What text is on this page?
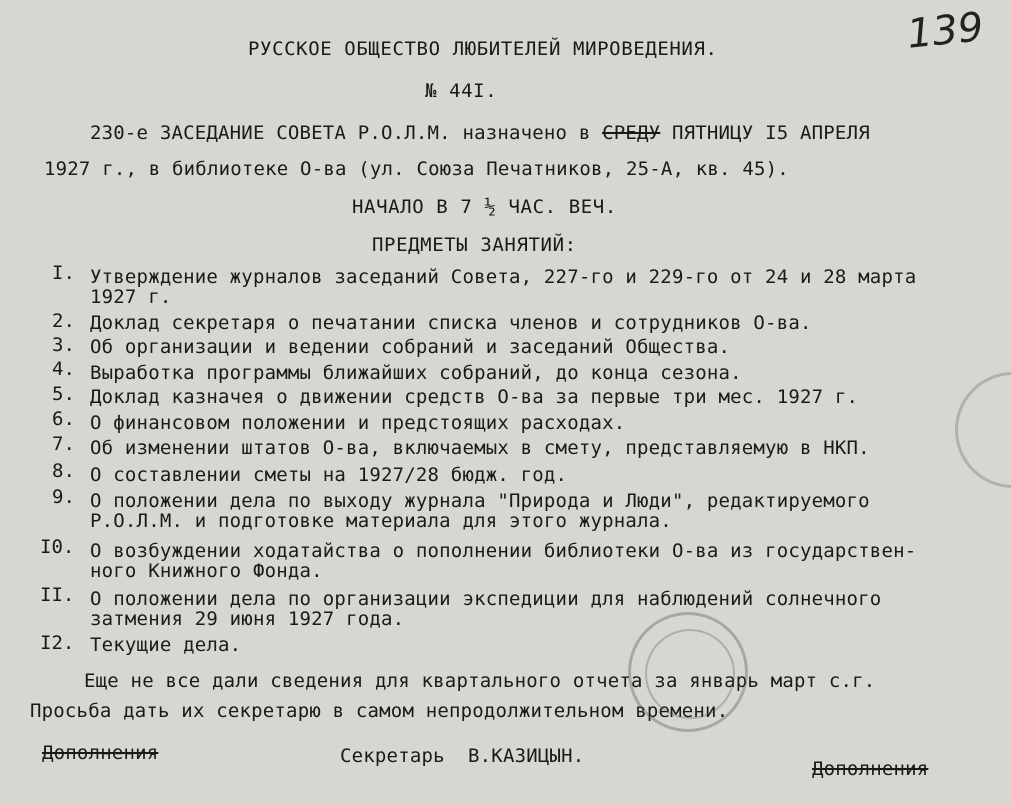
139
РУССКОЕ ОБЩЕСТВО ЛЮБИТЕЛЕЙ МИРОВЕДЕНИЯ.
№ 44I.
230-е ЗАСЕДАНИЕ СОВЕТА Р.О.Л.М. назначено в СРЕДУ ПЯТНИЦУ I5 АПРЕЛЯ
1927 г., в библиотеке О-ва (ул. Союза Печатников, 25-А, кв. 45).
НАЧАЛО В 7 ½ ЧАС. ВЕЧ.
ПРЕДМЕТЫ ЗАНЯТИЙ:
I. Утверждение журналов заседаний Совета, 227-го и 229-го от 24 и 28 марта
1927 г.
2. Доклад секретаря о печатании списка членов и сотрудников О-ва.
3. Об организации и ведении собраний и заседаний Общества.
4. Выработка программы ближайших собраний, до конца сезона.
5. Доклад казначея о движении средств О-ва за первые три мес. 1927 г.
6. О финансовом положении и предстоящих расходах.
7. Об изменении штатов О-ва, включаемых в смету, представляемую в НКП.
8. О составлении сметы на 1927/28 бюдж. год.
9. О положении дела по выходу журнала "Природа и Люди", редактируемого
Р.О.Л.М. и подготовке материала для этого журнала.
I0. О возбуждении ходатайства о пополнении библиотеки О-ва из государствен-
ного Книжного Фонда.
II. О положении дела по организации экспедиции для наблюдений солнечного
затмения 29 июня 1927 года.
I2. Текущие дела.
Еще не все дали сведения для квартального отчета за январь март с.г.
Просьба дать их секретарю в самом непродолжительном времени.
Дополнения	Секретарь  В.КАЗИЦЫН.
Дополнения
